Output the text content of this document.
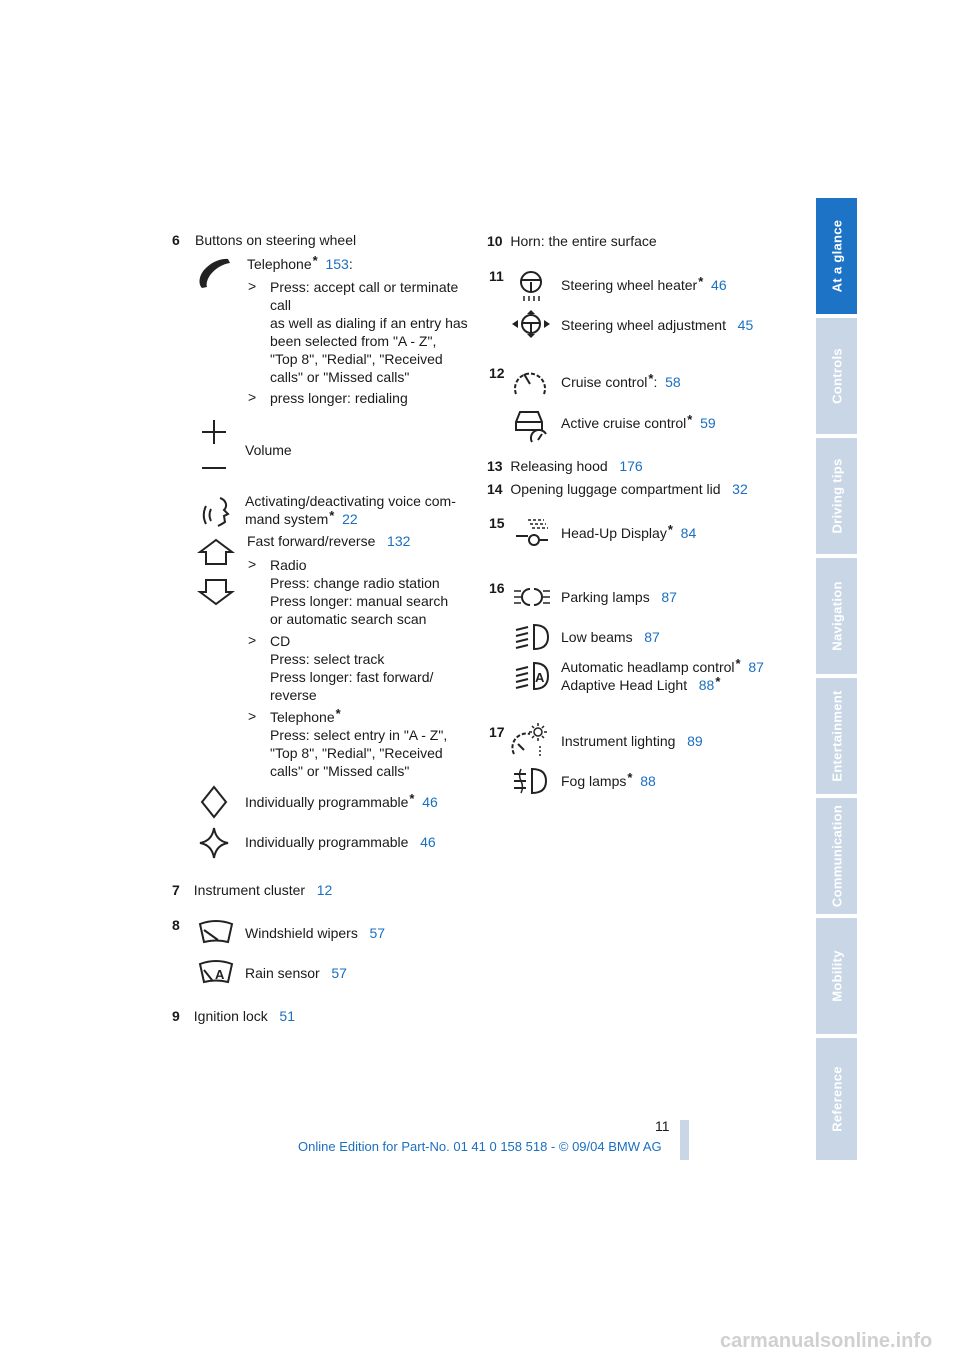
6 Buttons on steering wheel
Telephone* 153:
> Press: accept call or terminate
call
as well as dialing if an entry has
been selected from "A - Z",
"Top 8", "Redial", "Received
calls" or "Missed calls"
> press longer: redialing
Volume
Activating/deactivating voice com-
mand system* 22
Fast forward/reverse 132
> Radio
Press: change radio station
Press longer: manual search
or automatic search scan
> CD
Press: select track
Press longer: fast forward/
reverse
> Telephone*
Press: select entry in "A - Z",
"Top 8", "Redial", "Received
calls" or "Missed calls"
Individually programmable* 46
Individually programmable 46
7 Instrument cluster 12
8	Windshield wipers 57
A Rain sensor 57
9 Ignition lock 51
10 Horn: the entire surface
11
Steering wheel heater* 46
Steering wheel adjustment 45
12
Cruise control*: 58
Active cruise control* 59
13 Releasing hood 176
14 Opening luggage compartment lid 32
15
Head-Up Display* 84
16
Parking lamps 87
Low beams 87
A
Automatic headlamp control* 87
Adaptive Head Light 88*
17
Instrument lighting 89
Fog lamps* 88
At a glance
Controls
Driving tips
Navigation
Entertainment
Communication
Mobility
Reference
11
Online Edition for Part-No. 01 41 0 158 518 - © 09/04 BMW AG
carmanualsonline.info
